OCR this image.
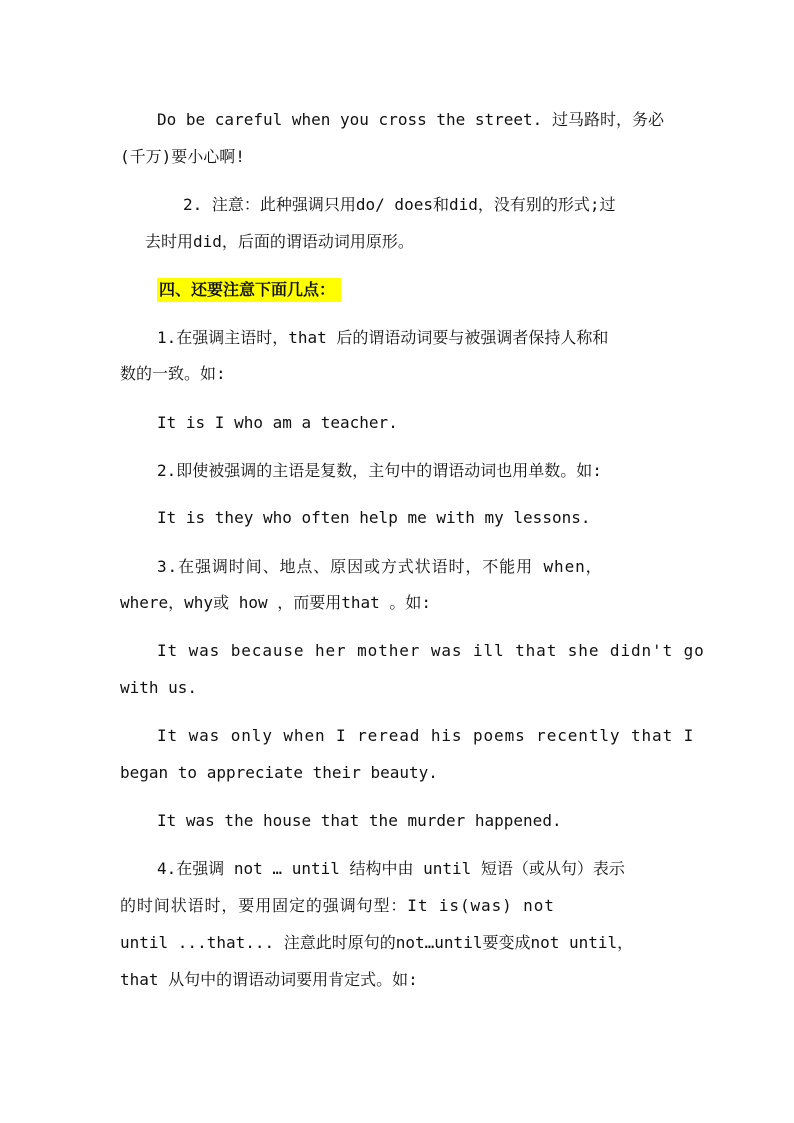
Do be careful when you cross the street. 过马路时，务必
(千万)要小心啊!
2. 注意：此种强调只用do/ does和did，没有别的形式;过
去时用did，后面的谓语动词用原形。
四、还要注意下面几点：
1.在强调主语时，that 后的谓语动词要与被强调者保持人称和
数的一致。如:
It is I who am a teacher.
2.即使被强调的主语是复数，主句中的谓语动词也用单数。如:
It is they who often help me with my lessons.
3.在强调时间、地点、原因或方式状语时，不能用 when，
where，why或 how ，而要用that 。如:
It was because her mother was ill that she didn't go
with us.
It was only when I reread his poems recently that I
began to appreciate their beauty.
It was the house that the murder happened.
4.在强调 not … until 结构中由 until 短语（或从句）表示
的时间状语时，要用固定的强调句型：It is(was) not
until ...that... 注意此时原句的not…until要变成not until，
that 从句中的谓语动词要用肯定式。如:
